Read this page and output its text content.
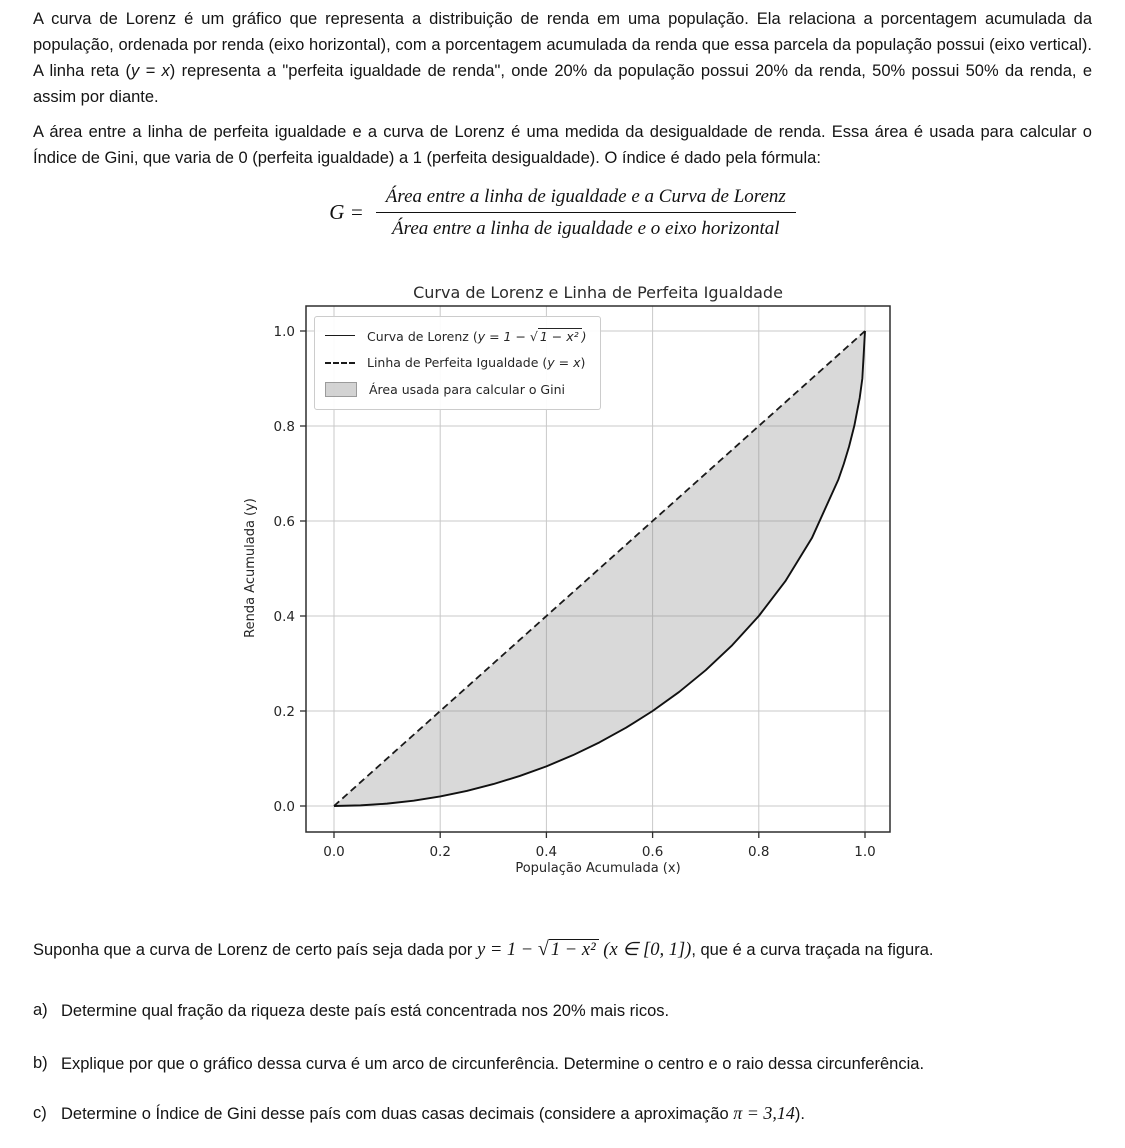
A curva de Lorenz é um gráfico que representa a distribuição de renda em uma população. Ela relaciona a porcentagem acumulada da população, ordenada por renda (eixo horizontal), com a porcentagem acumulada da renda que essa parcela da população possui (eixo vertical). A linha reta (y = x) representa a "perfeita igualdade de renda", onde 20% da população possui 20% da renda, 50% possui 50% da renda, e assim por diante.

A área entre a linha de perfeita igualdade e a curva de Lorenz é uma medida da desigualdade de renda. Essa área é usada para calcular o Índice de Gini, que varia de 0 (perfeita igualdade) a 1 (perfeita desigualdade). O índice é dado pela fórmula:

$G = \frac{\text{Área entre a linha de igualdade e a Curva de Lorenz}}{\text{Área entre a linha de igualdade e o eixo horizontal}}$
0.0	0.2	0.4	0.6	0.8	1.0
0.0
0.2
0.4
0.6
0.8
1.0
Curva de Lorenz e Linha de Perfeita Igualdade
População Acumulada (x)
Renda Acumulada (y)
Curva de Lorenz (y = 1 − √ 1 − x² )
Linha de Perfeita Igualdade (y = x)
Área usada para calcular o Gini

Suponha que a curva de Lorenz de certo país seja dada por y = 1 − √ 1 − x² (x ∈ [0, 1]), que é a curva traçada na figura.

a) Determine qual fração da riqueza deste país está concentrada nos 20% mais ricos.
b) Explique por que o gráfico dessa curva é um arco de circunferência. Determine o centro e o raio dessa circunferência.
c) Determine o Índice de Gini desse país com duas casas decimais (considere a aproximação π = 3,14).
